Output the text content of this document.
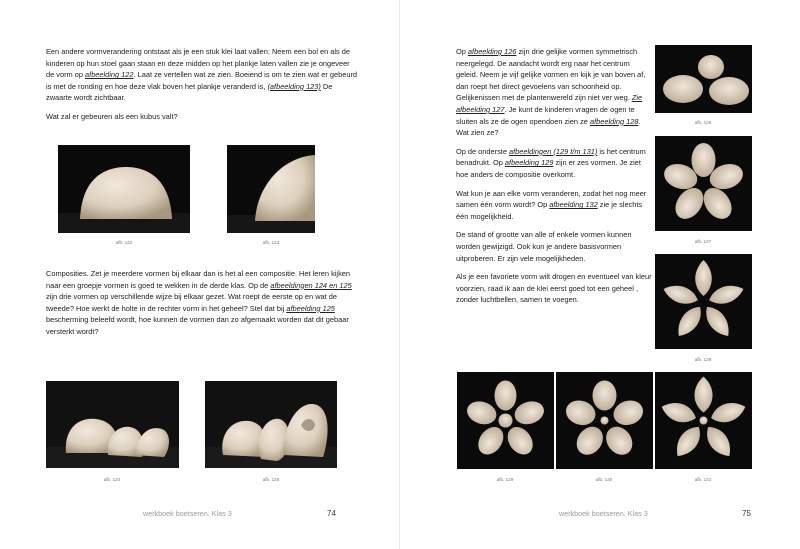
Een andere vormverandering ontstaat als je een stuk klei laat vallen: Neem een bol en als de kinderen op hun stoel gaan staan en deze midden op het plankje laten vallen zie je ongeveer de vorm op afbeelding 122. Laat ze vertellen wat ze zien. Boeiend is om te zien wat er gebeurd is met de ronding en hoe deze vlak boven het plankje veranderd is, (afbeelding 123) De zwaarte wordt zichtbaar.

Wat zal er gebeuren als een kubus valt?

afb. 122	afb. 123

Composities. Zet je meerdere vormen bij elkaar dan is het al een compositie. Het leren kijken naar een groepje vormen is goed te wekken in de derde klas. Op de afbeeldingen 124 en 125 zijn drie vormen op verschillende wijze bij elkaar gezet. Wat roept de eerste op en wat de tweede? Hoe werkt de holte in de rechter vorm in het geheel? Stel dat bij afbeelding 125 bescherming beleefd wordt, hoe kunnen de vormen dan zo afgemaakt worden dat dit gebaar versterkt wordt?

afb. 124	afb. 125
werkboek boetseren. Klas 3	74

Op afbeelding 126 zijn drie gelijke vormen symmetrisch neergelegd. De aandacht wordt erg naar het centrum geleid. Neem je vijf gelijke vormen en kijk je van boven af, dan roept het direct gevoelens van schoonheid op. Gelijkenissen met de plantenwereld zijn niet ver weg. Zie afbeelding 127. Je kunt de kinderen vragen de ogen te sluiten als ze de ogen opendoen zien ze afbeelding 128. Wat zien ze?

Op de onderste afbeeldingen (129 t/m 131) is het centrum benadrukt. Op afbeelding 129 zijn er zes vormen. Je ziet hoe anders de compositie overkomt.

Wat kun je aan elke vorm veranderen, zodat het nog meer samen één vorm wordt? Op afbeelding 132 zie je slechts één mogelijkheid.

De stand of grootte van alle of enkele vormen kunnen worden gewijzigd. Ook kun je andere basisvormen uitproberen. Er zijn vele mogelijkheden.

Als je een favoriete vorm wilt drogen en eventueel van kleur voorzien, raad ik aan de klei eerst goed tot een geheel , zonder luchtbellen, samen te voegen.

afb. 126
afb. 127
afb. 128
afb. 129	afb. 130	afb. 131
werkboek boetseren. Klas 3	75
